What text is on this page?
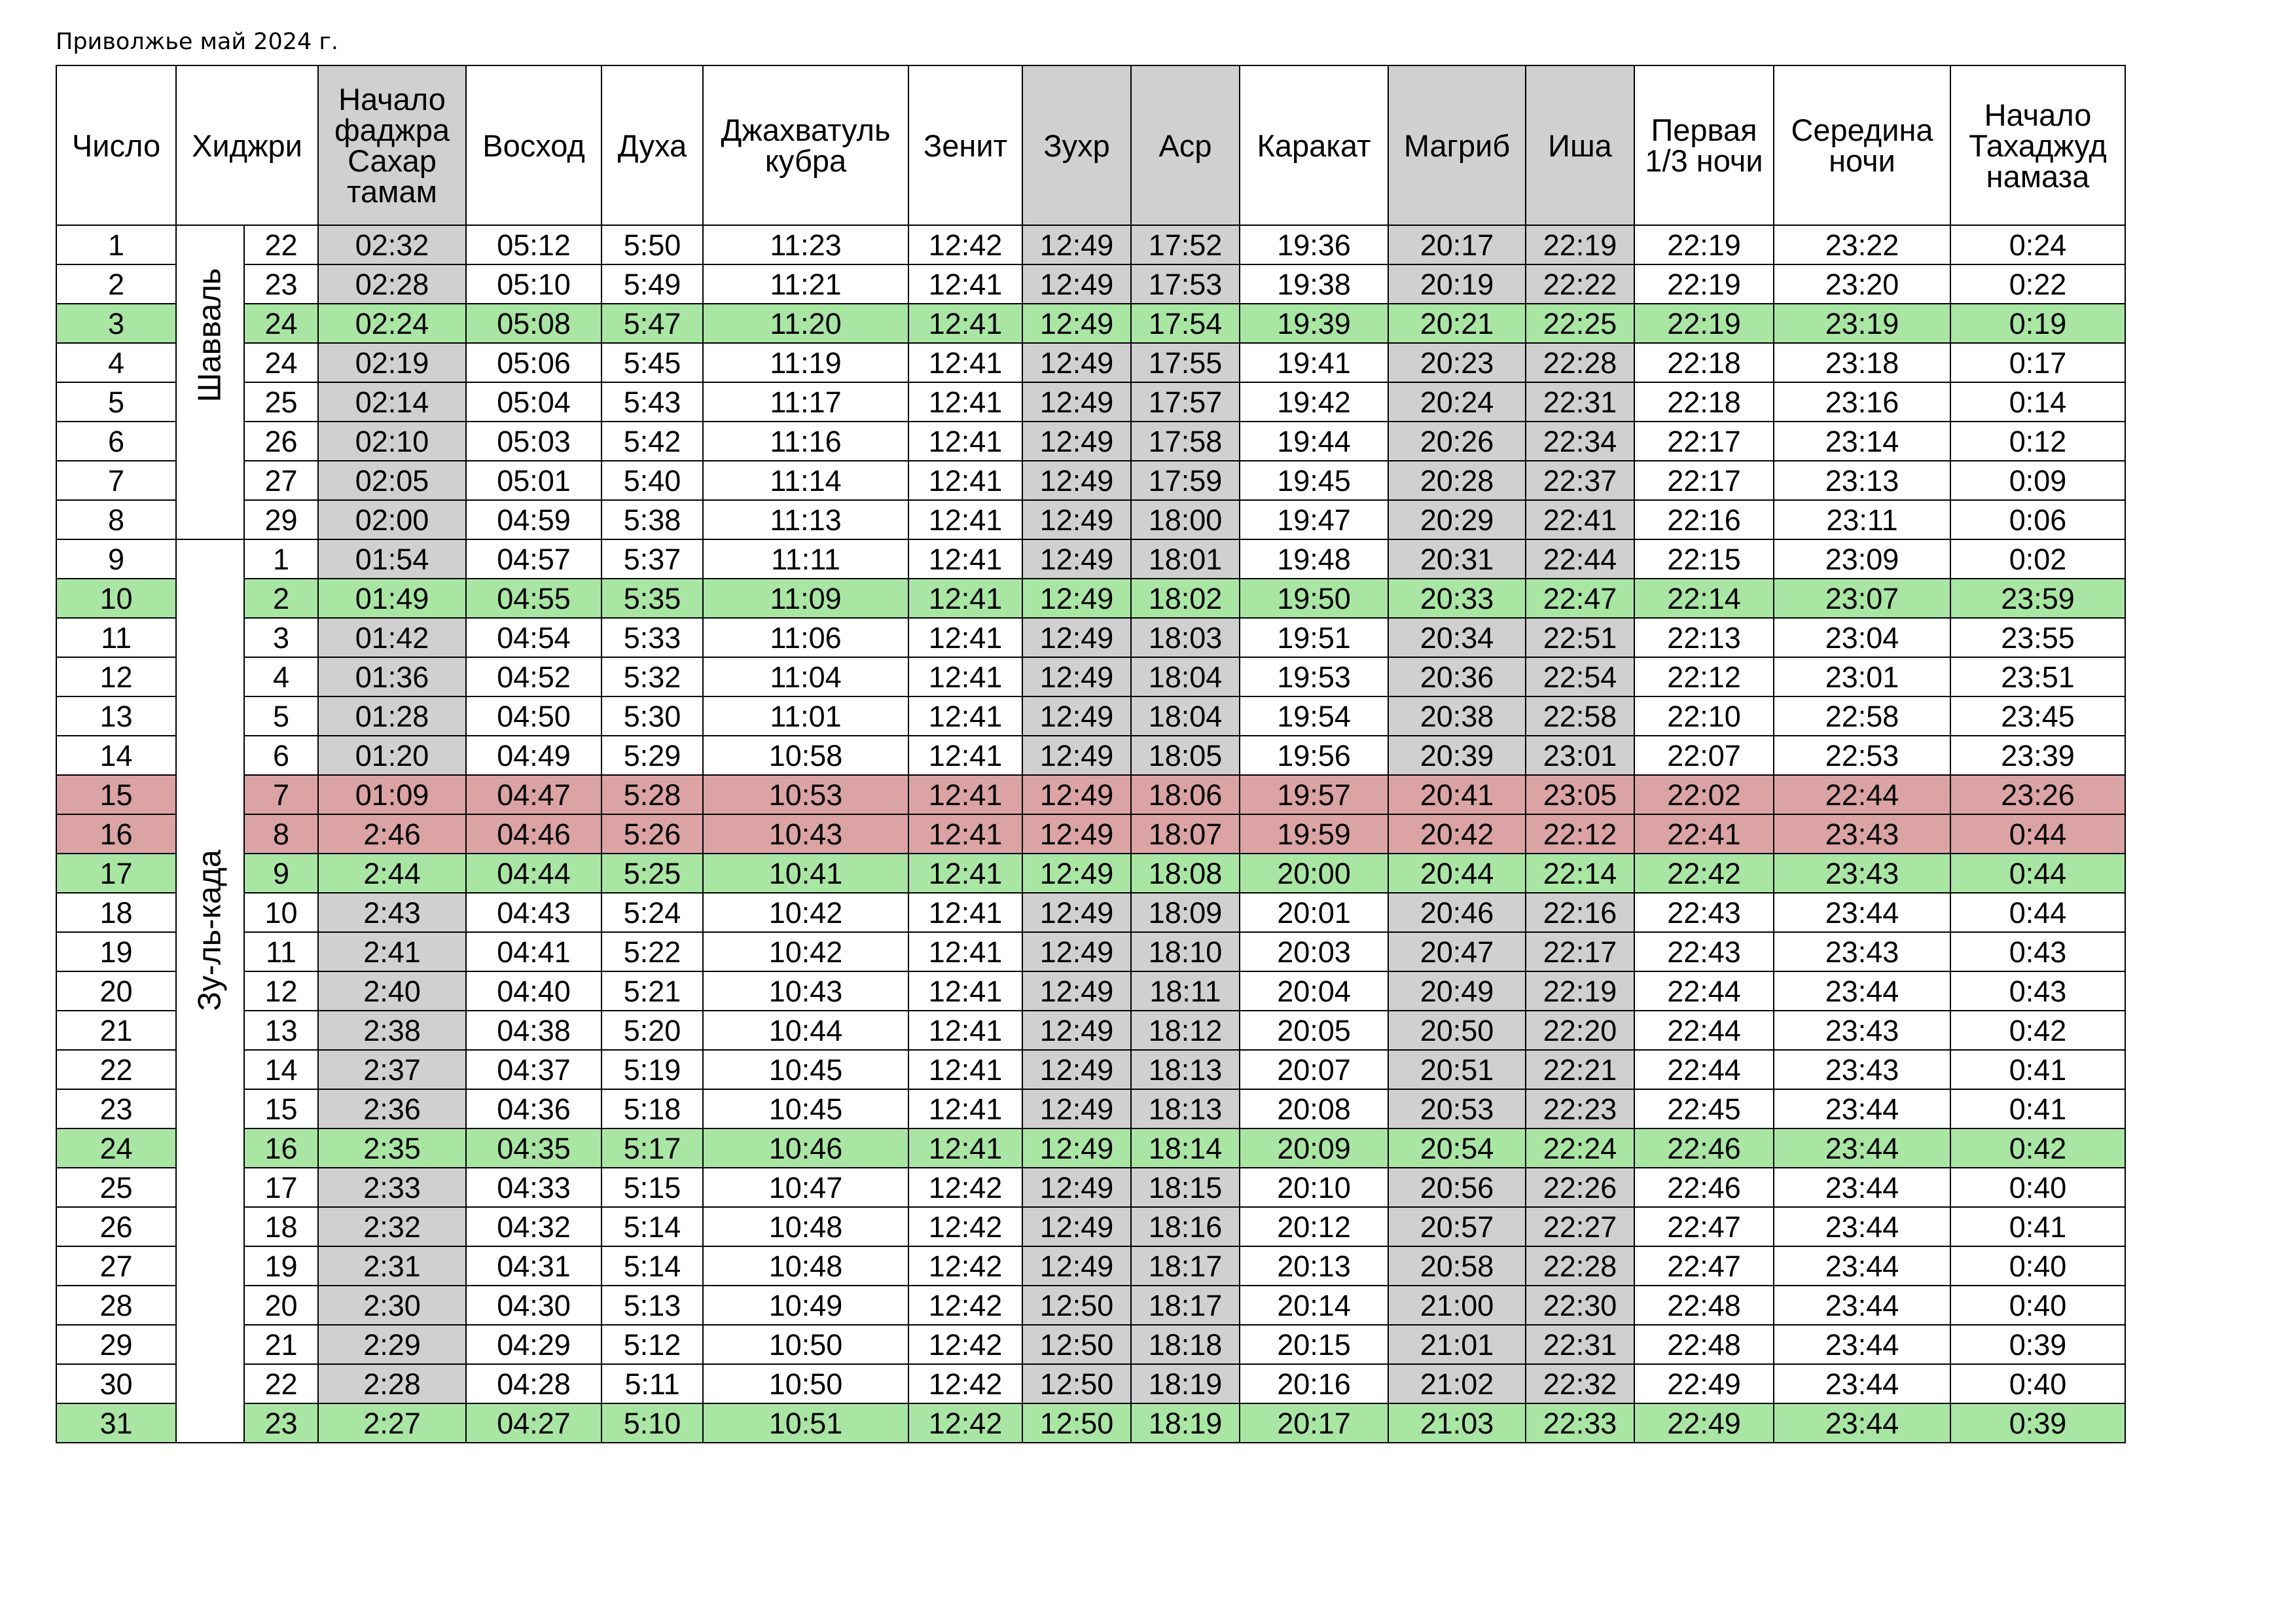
Приволжье май 2024 г.
Число	Хиджри		Начало фаджра Сахар тамам	Восход	Духа	Джахватуль кубра	Зенит	Зухр	Аср	Каракат	Магриб	Иша	Первая 1/3 ночи	Середина ночи	Начало Тахаджуд намаза
1	Шавваль	22	02:32	05:12	5:50	11:23	12:42	12:49	17:52	19:36	20:17	22:19	22:19	23:22	0:24
2		23	02:28	05:10	5:49	11:21	12:41	12:49	17:53	19:38	20:19	22:22	22:19	23:20	0:22
3		24	02:24	05:08	5:47	11:20	12:41	12:49	17:54	19:39	20:21	22:25	22:19	23:19	0:19
4		24	02:19	05:06	5:45	11:19	12:41	12:49	17:55	19:41	20:23	22:28	22:18	23:18	0:17
5		25	02:14	05:04	5:43	11:17	12:41	12:49	17:57	19:42	20:24	22:31	22:18	23:16	0:14
6		26	02:10	05:03	5:42	11:16	12:41	12:49	17:58	19:44	20:26	22:34	22:17	23:14	0:12
7		27	02:05	05:01	5:40	11:14	12:41	12:49	17:59	19:45	20:28	22:37	22:17	23:13	0:09
8		29	02:00	04:59	5:38	11:13	12:41	12:49	18:00	19:47	20:29	22:41	22:16	23:11	0:06
9	Зу-ль-када	1	01:54	04:57	5:37	11:11	12:41	12:49	18:01	19:48	20:31	22:44	22:15	23:09	0:02
10		2	01:49	04:55	5:35	11:09	12:41	12:49	18:02	19:50	20:33	22:47	22:14	23:07	23:59
11		3	01:42	04:54	5:33	11:06	12:41	12:49	18:03	19:51	20:34	22:51	22:13	23:04	23:55
12		4	01:36	04:52	5:32	11:04	12:41	12:49	18:04	19:53	20:36	22:54	22:12	23:01	23:51
13		5	01:28	04:50	5:30	11:01	12:41	12:49	18:04	19:54	20:38	22:58	22:10	22:58	23:45
14		6	01:20	04:49	5:29	10:58	12:41	12:49	18:05	19:56	20:39	23:01	22:07	22:53	23:39
15		7	01:09	04:47	5:28	10:53	12:41	12:49	18:06	19:57	20:41	23:05	22:02	22:44	23:26
16		8	2:46	04:46	5:26	10:43	12:41	12:49	18:07	19:59	20:42	22:12	22:41	23:43	0:44
17		9	2:44	04:44	5:25	10:41	12:41	12:49	18:08	20:00	20:44	22:14	22:42	23:43	0:44
18		10	2:43	04:43	5:24	10:42	12:41	12:49	18:09	20:01	20:46	22:16	22:43	23:44	0:44
19		11	2:41	04:41	5:22	10:42	12:41	12:49	18:10	20:03	20:47	22:17	22:43	23:43	0:43
20		12	2:40	04:40	5:21	10:43	12:41	12:49	18:11	20:04	20:49	22:19	22:44	23:44	0:43
21		13	2:38	04:38	5:20	10:44	12:41	12:49	18:12	20:05	20:50	22:20	22:44	23:43	0:42
22		14	2:37	04:37	5:19	10:45	12:41	12:49	18:13	20:07	20:51	22:21	22:44	23:43	0:41
23		15	2:36	04:36	5:18	10:45	12:41	12:49	18:13	20:08	20:53	22:23	22:45	23:44	0:41
24		16	2:35	04:35	5:17	10:46	12:41	12:49	18:14	20:09	20:54	22:24	22:46	23:44	0:42
25		17	2:33	04:33	5:15	10:47	12:42	12:49	18:15	20:10	20:56	22:26	22:46	23:44	0:40
26		18	2:32	04:32	5:14	10:48	12:42	12:49	18:16	20:12	20:57	22:27	22:47	23:44	0:41
27		19	2:31	04:31	5:14	10:48	12:42	12:49	18:17	20:13	20:58	22:28	22:47	23:44	0:40
28		20	2:30	04:30	5:13	10:49	12:42	12:50	18:17	20:14	21:00	22:30	22:48	23:44	0:40
29		21	2:29	04:29	5:12	10:50	12:42	12:50	18:18	20:15	21:01	22:31	22:48	23:44	0:39
30		22	2:28	04:28	5:11	10:50	12:42	12:50	18:19	20:16	21:02	22:32	22:49	23:44	0:40
31		23	2:27	04:27	5:10	10:51	12:42	12:50	18:19	20:17	21:03	22:33	22:49	23:44	0:39
